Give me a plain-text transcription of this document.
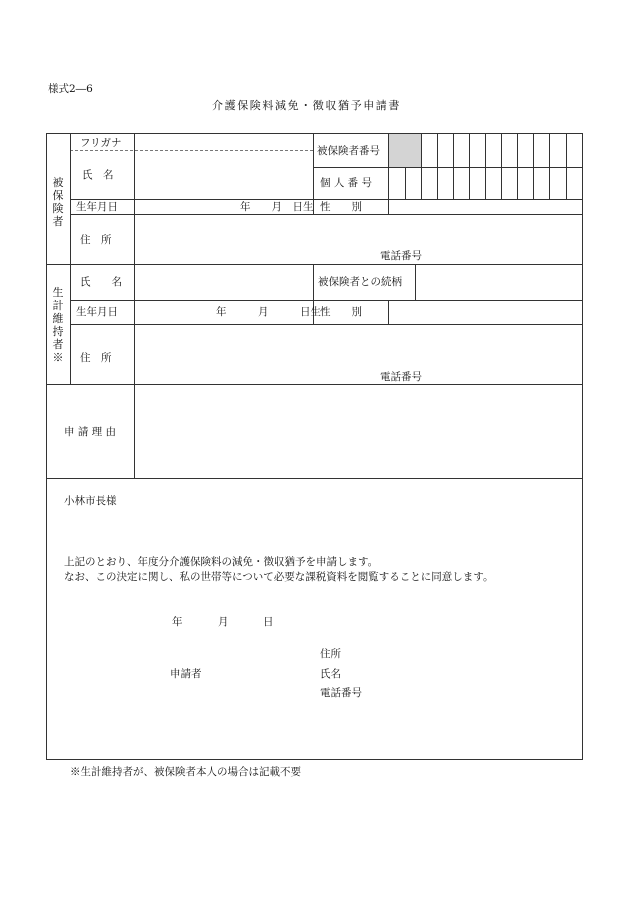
様式2―6
介護保険料減免・徴収猶予申請書
被保険者
フリガナ
氏　名
被保険者番号
個 人 番 号
生年月日	年　　月　日生 性　　別
住　所
電話番号
生計維持者※
氏　　名	被保険者との続柄
生年月日	年　　　月　　　日生 性　　別
住　所
電話番号
申 請 理 由
小林市長様
上記のとおり、年度分介護保険料の減免・徴収猶予を申請します。
なお、この決定に関し、私の世帯等について必要な課税資料を閲覧することに同意します。
年	月	日
申請者
住所
氏名
電話番号
※生計維持者が、被保険者本人の場合は記載不要
